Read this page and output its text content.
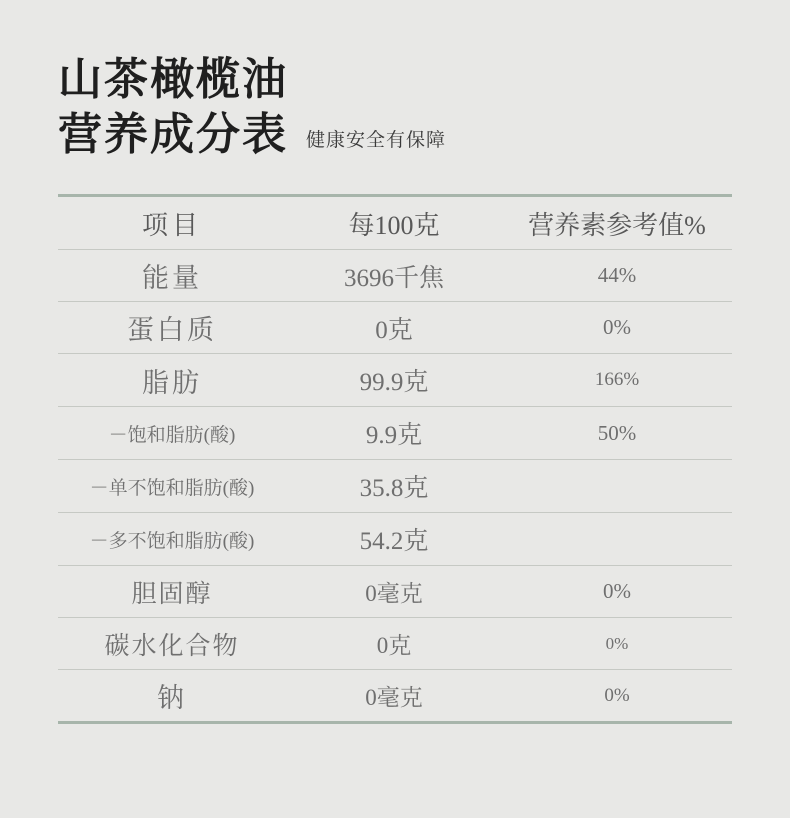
山茶橄榄油
营养成分表 健康安全有保障
项目	每100克	营养素参考值%
能量	3696千焦	44%
蛋白质	0克	0%
脂肪	99.9克	166%
－饱和脂肪(酸)	9.9克	50%
－单不饱和脂肪(酸)	35.8克	
－多不饱和脂肪(酸)	54.2克	
胆固醇	0毫克	0%
碳水化合物	0克	0%
钠	0毫克	0%
